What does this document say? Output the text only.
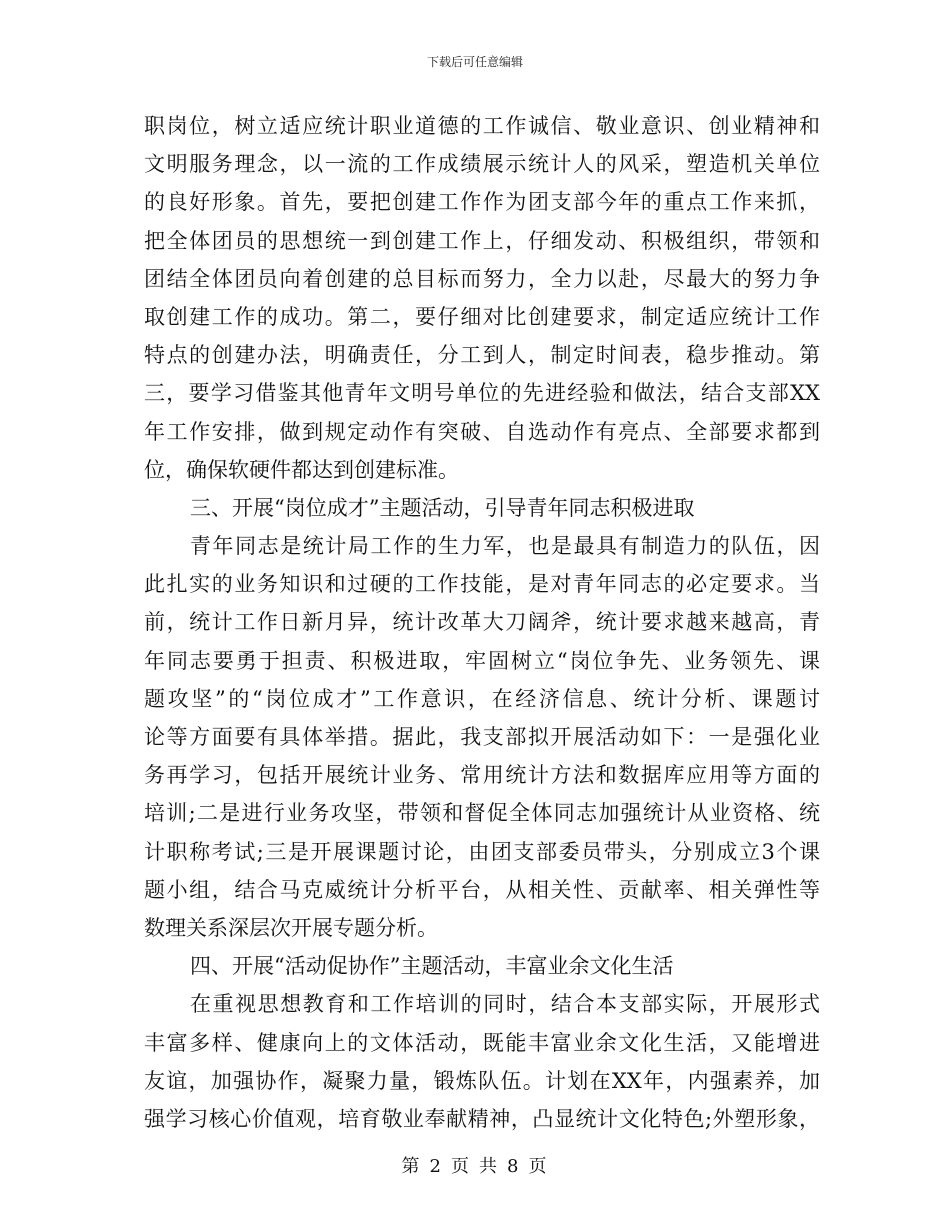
下载后可任意编辑
职岗位，树立适应统计职业道德的工作诚信、敬业意识、创业精神和
文明服务理念，以一流的工作成绩展示统计人的风采，塑造机关单位
的良好形象。首先，要把创建工作作为团支部今年的重点工作来抓，
把全体团员的思想统一到创建工作上，仔细发动、积极组织，带领和
团结全体团员向着创建的总目标而努力，全力以赴，尽最大的努力争
取创建工作的成功。第二，要仔细对比创建要求，制定适应统计工作
特点的创建办法，明确责任，分工到人，制定时间表，稳步推动。第
三，要学习借鉴其他青年文明号单位的先进经验和做法，结合支部XX
年工作安排，做到规定动作有突破、自选动作有亮点、全部要求都到
位，确保软硬件都达到创建标准。
三、开展“岗位成才”主题活动，引导青年同志积极进取
青年同志是统计局工作的生力军，也是最具有制造力的队伍，因
此扎实的业务知识和过硬的工作技能，是对青年同志的必定要求。当
前，统计工作日新月异，统计改革大刀阔斧，统计要求越来越高，青
年同志要勇于担责、积极进取，牢固树立“岗位争先、业务领先、课
题攻坚”的“岗位成才”工作意识，在经济信息、统计分析、课题讨
论等方面要有具体举措。据此，我支部拟开展活动如下：一是强化业
务再学习，包括开展统计业务、常用统计方法和数据库应用等方面的
培训;二是进行业务攻坚，带领和督促全体同志加强统计从业资格、统
计职称考试;三是开展课题讨论，由团支部委员带头，分别成立3个课
题小组，结合马克威统计分析平台，从相关性、贡献率、相关弹性等
数理关系深层次开展专题分析。
四、开展“活动促协作”主题活动，丰富业余文化生活
在重视思想教育和工作培训的同时，结合本支部实际，开展形式
丰富多样、健康向上的文体活动，既能丰富业余文化生活，又能增进
友谊，加强协作，凝聚力量，锻炼队伍。计划在XX年，内强素养，加
强学习核心价值观，培育敬业奉献精神，凸显统计文化特色;外塑形象，
第 2 页 共 8 页
